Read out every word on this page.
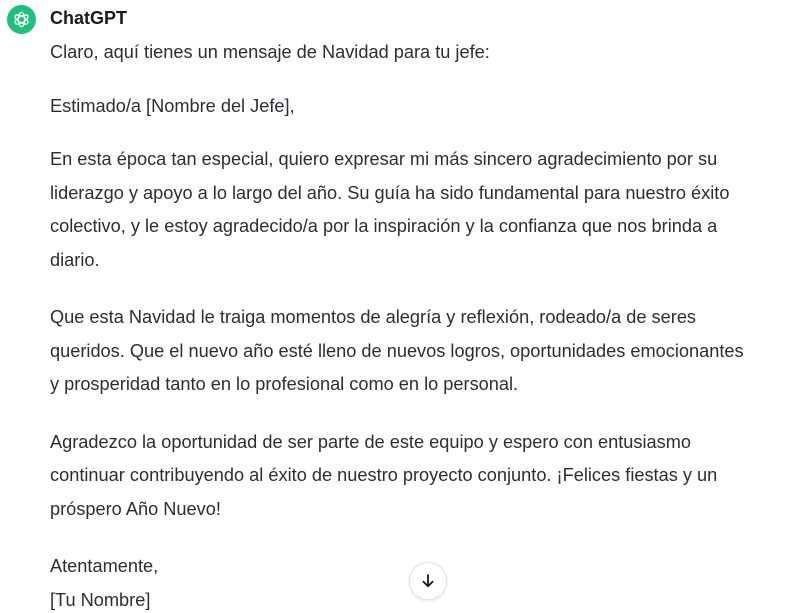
ChatGPT

Claro, aquí tienes un mensaje de Navidad para tu jefe:

Estimado/a [Nombre del Jefe],

En esta época tan especial, quiero expresar mi más sincero agradecimiento por su

liderazgo y apoyo a lo largo del año. Su guía ha sido fundamental para nuestro éxito

colectivo, y le estoy agradecido/a por la inspiración y la confianza que nos brinda a

diario.

Que esta Navidad le traiga momentos de alegría y reflexión, rodeado/a de seres

queridos. Que el nuevo año esté lleno de nuevos logros, oportunidades emocionantes

y prosperidad tanto en lo profesional como en lo personal.

Agradezco la oportunidad de ser parte de este equipo y espero con entusiasmo

continuar contribuyendo al éxito de nuestro proyecto conjunto. ¡Felices fiestas y un

próspero Año Nuevo!

Atentamente,

[Tu Nombre]
